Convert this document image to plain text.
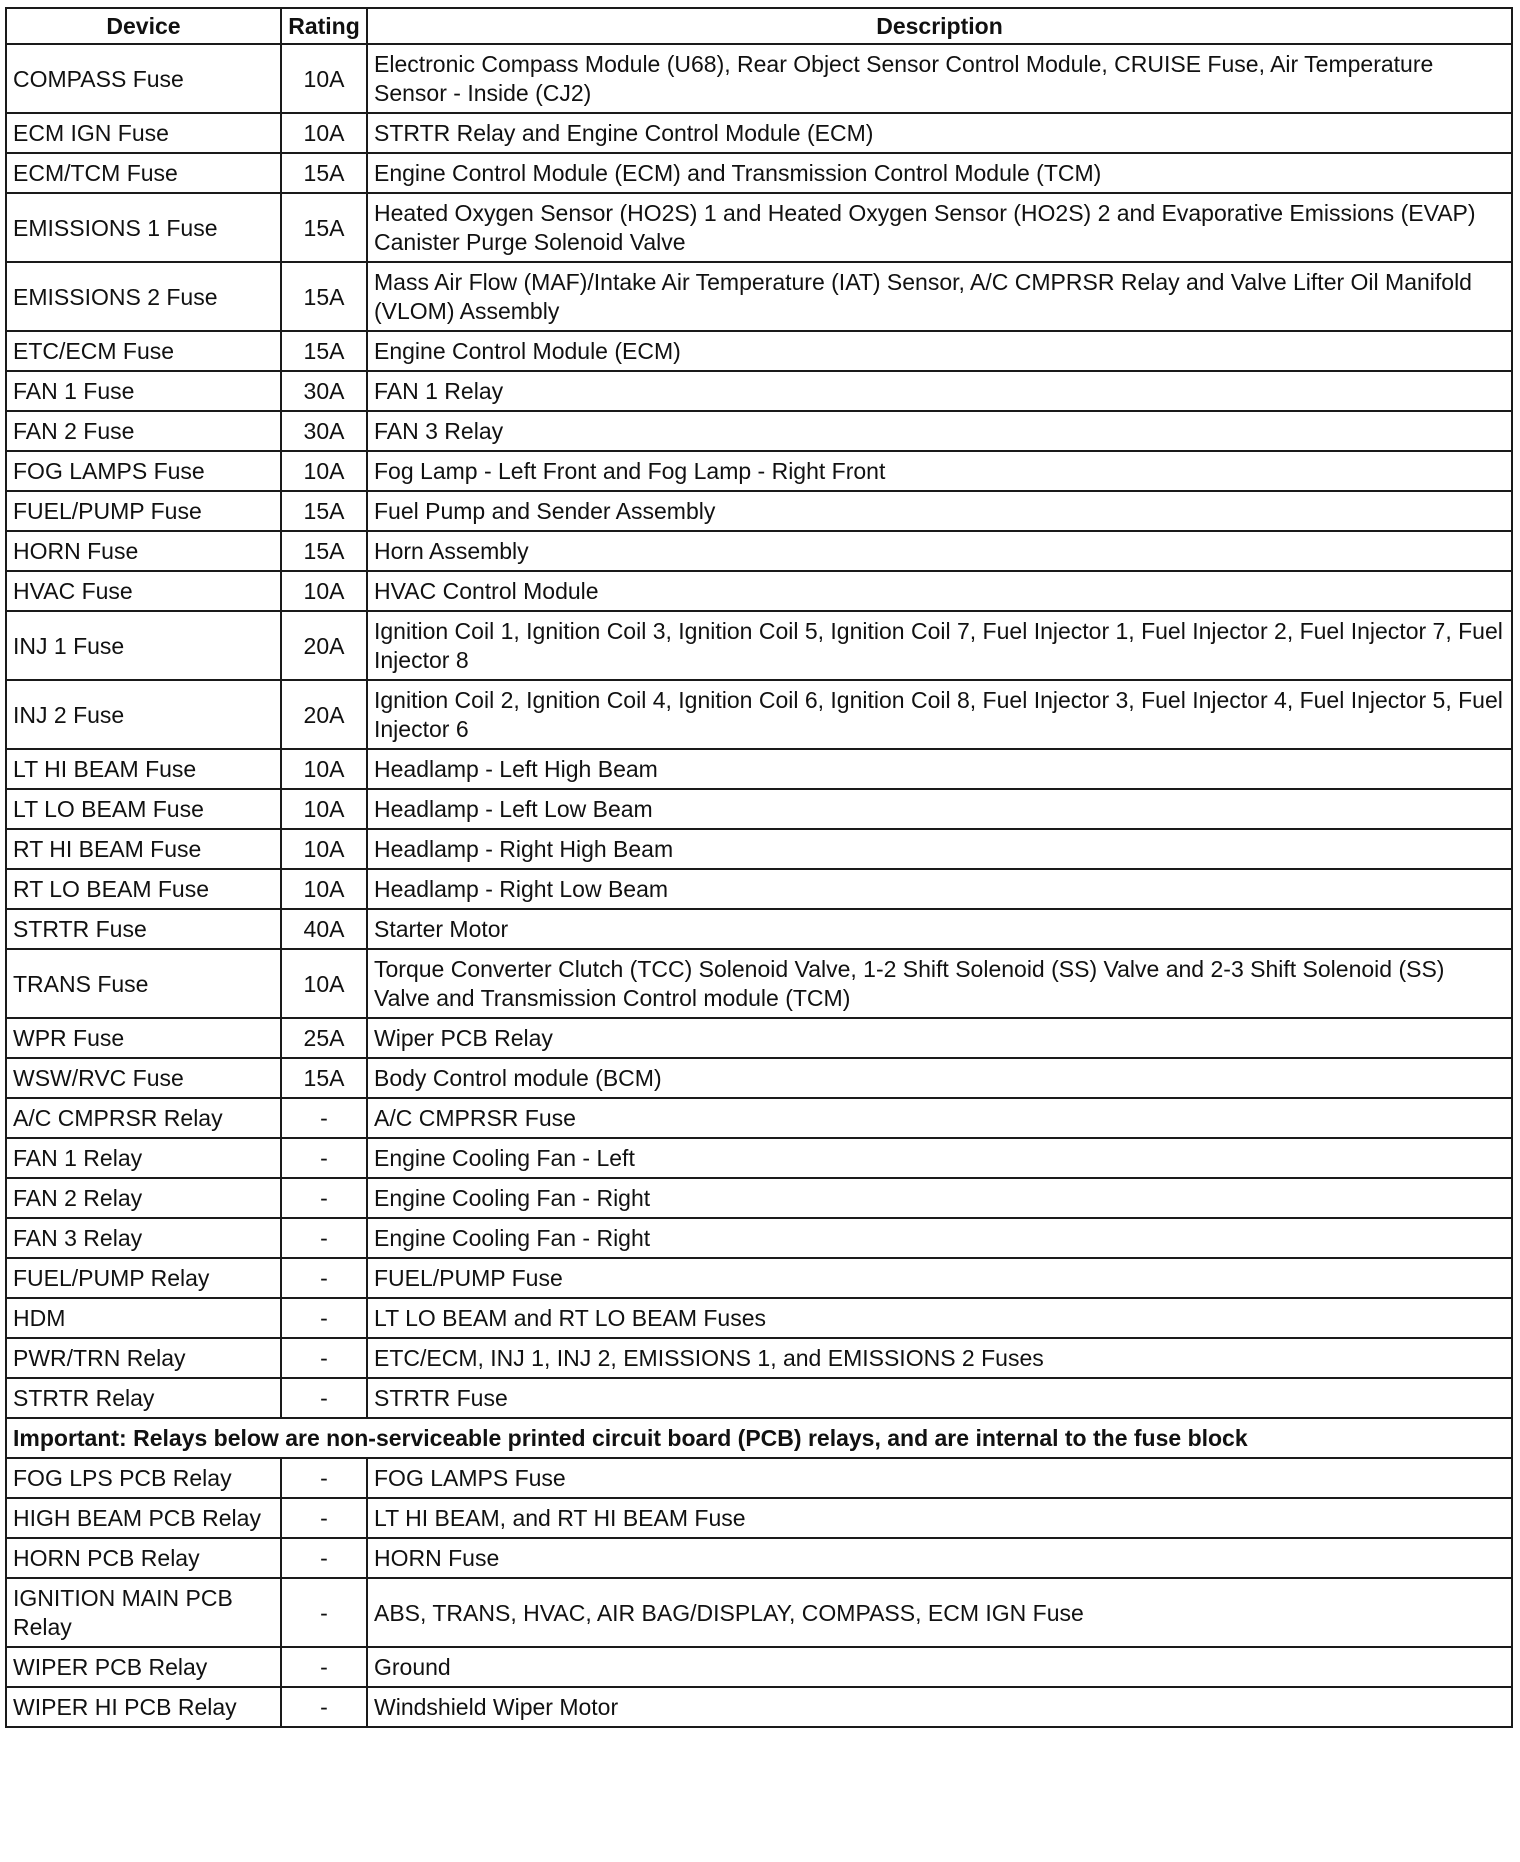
Device	Rating	Description
COMPASS Fuse	10A	Electronic Compass Module (U68), Rear Object Sensor Control Module, CRUISE Fuse, Air Temperature Sensor - Inside (CJ2)
ECM IGN Fuse	10A	STRTR Relay and Engine Control Module (ECM)
ECM/TCM Fuse	15A	Engine Control Module (ECM) and Transmission Control Module (TCM)
EMISSIONS 1 Fuse	15A	Heated Oxygen Sensor (HO2S) 1 and Heated Oxygen Sensor (HO2S) 2 and Evaporative Emissions (EVAP) Canister Purge Solenoid Valve
EMISSIONS 2 Fuse	15A	Mass Air Flow (MAF)/Intake Air Temperature (IAT) Sensor, A/C CMPRSR Relay and Valve Lifter Oil Manifold (VLOM) Assembly
ETC/ECM Fuse	15A	Engine Control Module (ECM)
FAN 1 Fuse	30A	FAN 1 Relay
FAN 2 Fuse	30A	FAN 3 Relay
FOG LAMPS Fuse	10A	Fog Lamp - Left Front and Fog Lamp - Right Front
FUEL/PUMP Fuse	15A	Fuel Pump and Sender Assembly
HORN Fuse	15A	Horn Assembly
HVAC Fuse	10A	HVAC Control Module
INJ 1 Fuse	20A	Ignition Coil 1, Ignition Coil 3, Ignition Coil 5, Ignition Coil 7, Fuel Injector 1, Fuel Injector 2, Fuel Injector 7, Fuel Injector 8
INJ 2 Fuse	20A	Ignition Coil 2, Ignition Coil 4, Ignition Coil 6, Ignition Coil 8, Fuel Injector 3, Fuel Injector 4, Fuel Injector 5, Fuel Injector 6
LT HI BEAM Fuse	10A	Headlamp - Left High Beam
LT LO BEAM Fuse	10A	Headlamp - Left Low Beam
RT HI BEAM Fuse	10A	Headlamp - Right High Beam
RT LO BEAM Fuse	10A	Headlamp - Right Low Beam
STRTR Fuse	40A	Starter Motor
TRANS Fuse	10A	Torque Converter Clutch (TCC) Solenoid Valve, 1-2 Shift Solenoid (SS) Valve and 2-3 Shift Solenoid (SS) Valve and Transmission Control module (TCM)
WPR Fuse	25A	Wiper PCB Relay
WSW/RVC Fuse	15A	Body Control module (BCM)
A/C CMPRSR Relay	-	A/C CMPRSR Fuse
FAN 1 Relay	-	Engine Cooling Fan - Left
FAN 2 Relay	-	Engine Cooling Fan - Right
FAN 3 Relay	-	Engine Cooling Fan - Right
FUEL/PUMP Relay	-	FUEL/PUMP Fuse
HDM	-	LT LO BEAM and RT LO BEAM Fuses
PWR/TRN Relay	-	ETC/ECM, INJ 1, INJ 2, EMISSIONS 1, and EMISSIONS 2 Fuses
STRTR Relay	-	STRTR Fuse
Important: Relays below are non-serviceable printed circuit board (PCB) relays, and are internal to the fuse block		
FOG LPS PCB Relay	-	FOG LAMPS Fuse
HIGH BEAM PCB Relay	-	LT HI BEAM, and RT HI BEAM Fuse
HORN PCB Relay	-	HORN Fuse
IGNITION MAIN PCB Relay	-	ABS, TRANS, HVAC, AIR BAG/DISPLAY, COMPASS, ECM IGN Fuse
WIPER PCB Relay	-	Ground
WIPER HI PCB Relay	-	Windshield Wiper Motor
